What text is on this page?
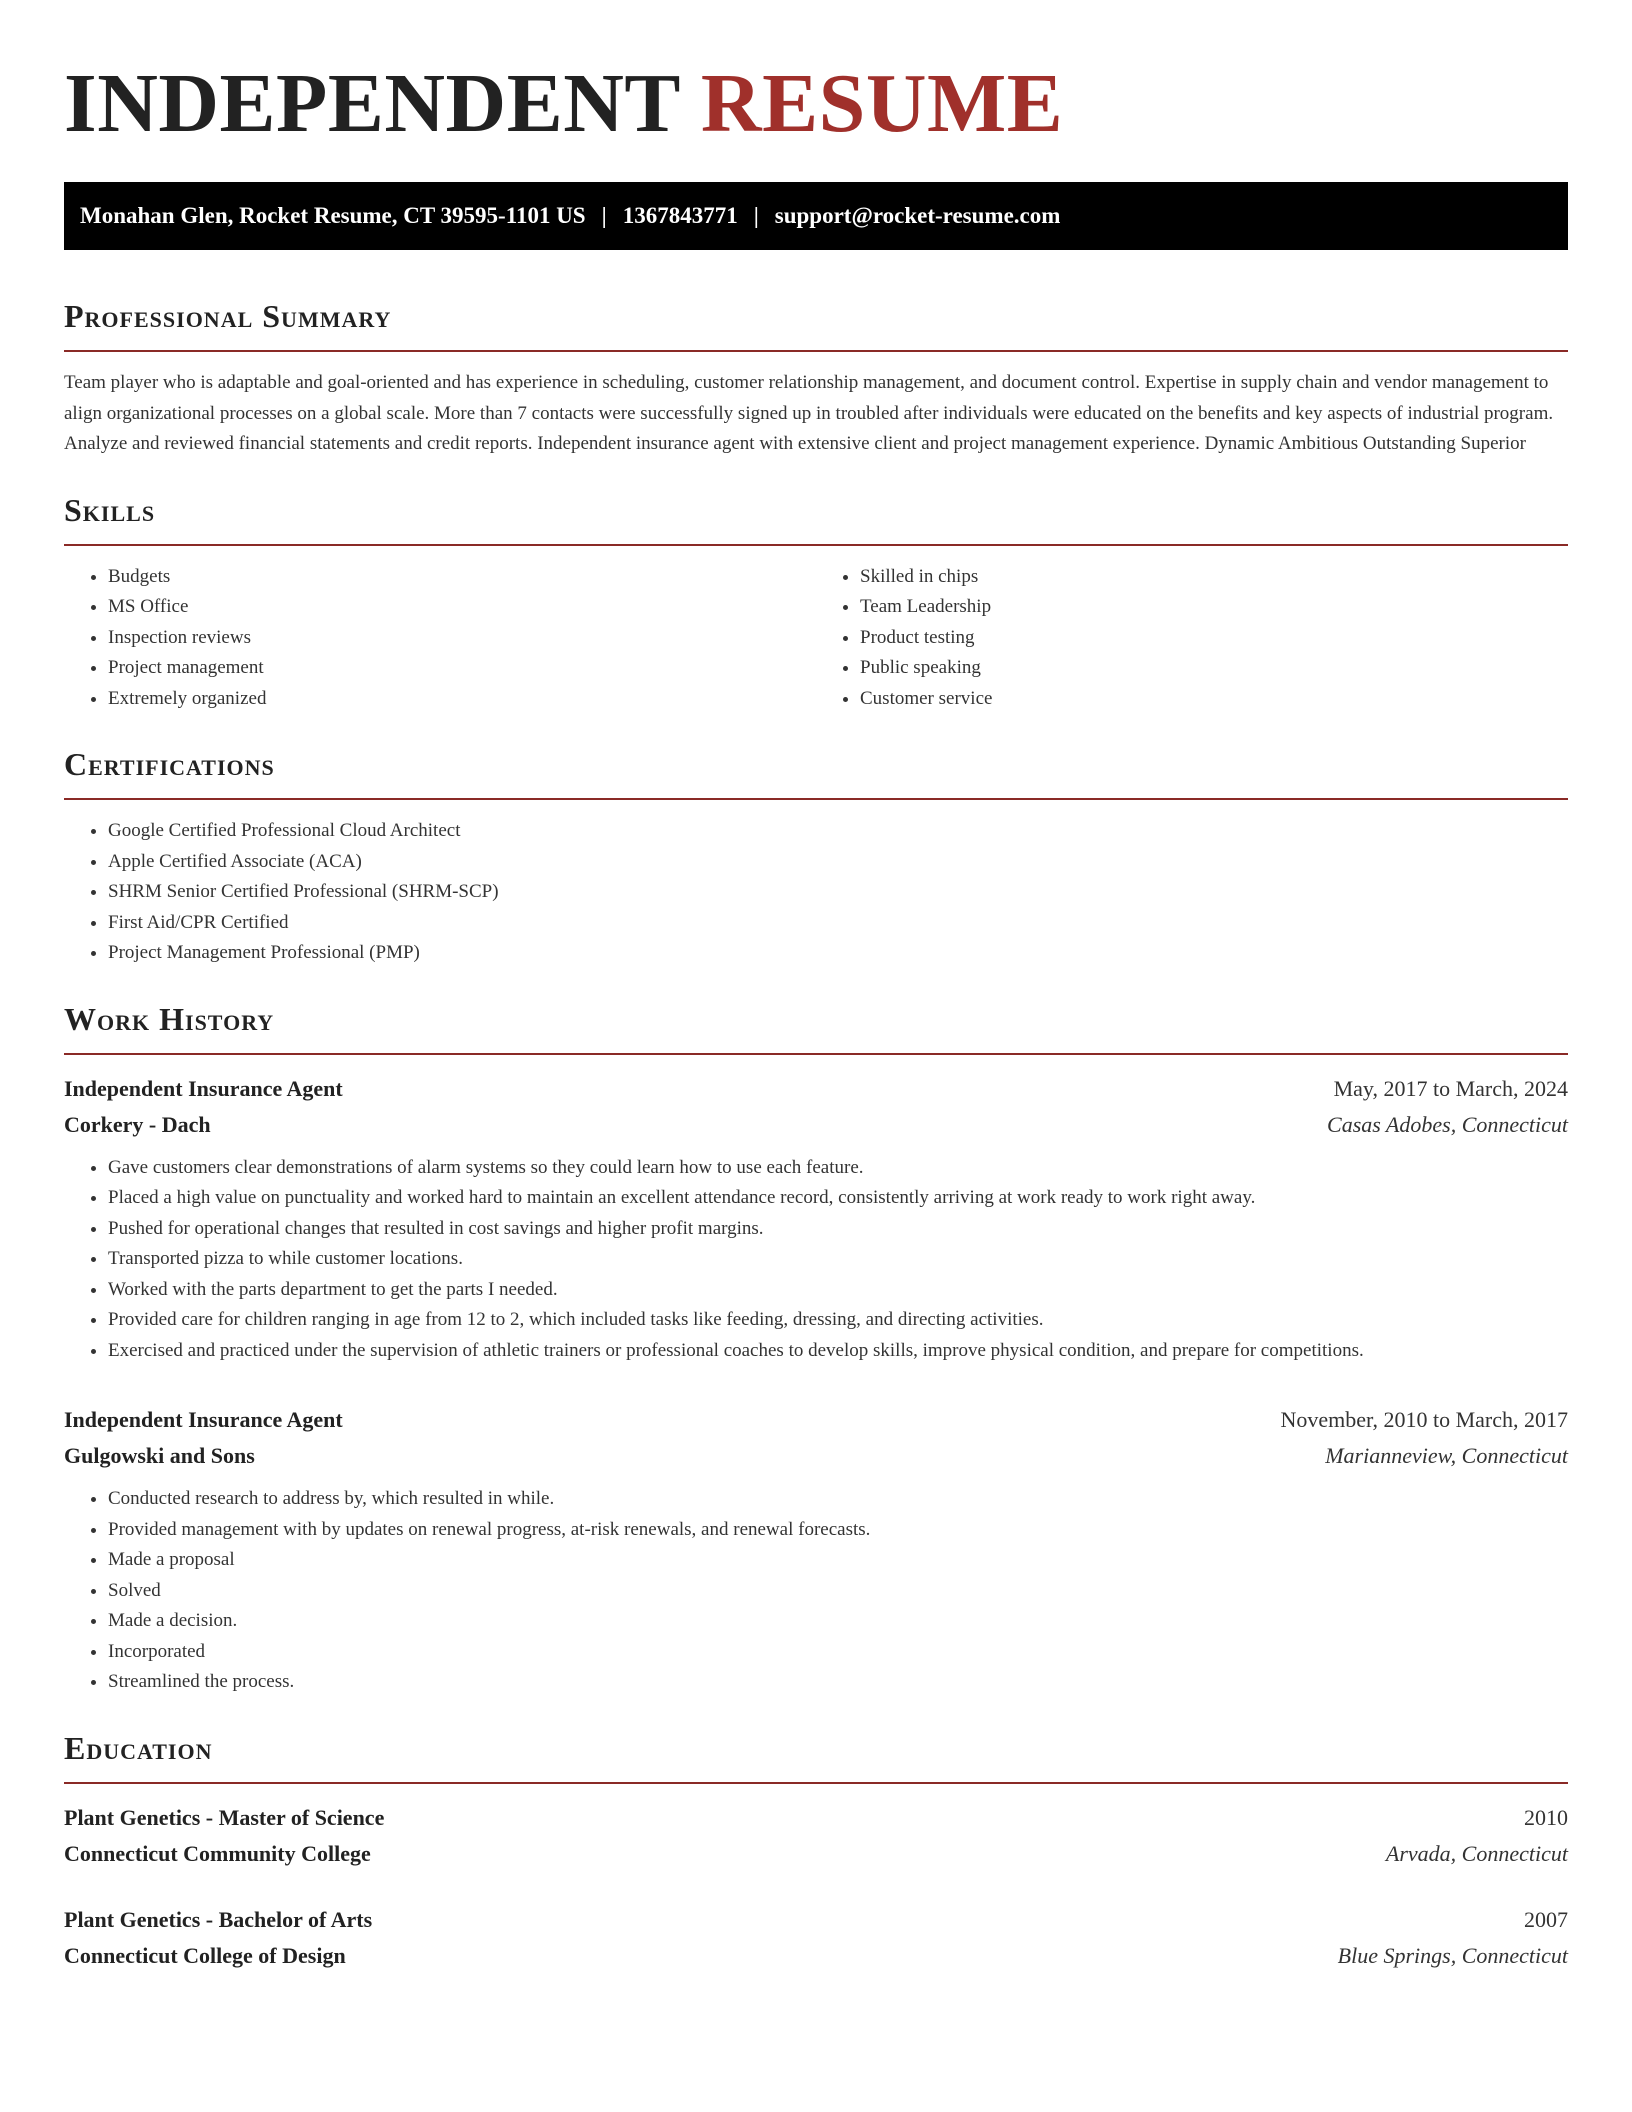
INDEPENDENT RESUME
Monahan Glen, Rocket Resume, CT 39595-1101 US | 1367843771 | support@rocket-resume.com
Professional Summary

Team player who is adaptable and goal-oriented and has experience in scheduling, customer relationship management, and document control. Expertise in supply chain and vendor management to align organizational processes on a global scale. More than 7 contacts were successfully signed up in troubled after individuals were educated on the benefits and key aspects of industrial program. Analyze and reviewed financial statements and credit reports. Independent insurance agent with extensive client and project management experience. Dynamic Ambitious Outstanding Superior

Skills
• Budgets
• MS Office
• Inspection reviews
• Project management
• Extremely organized
• Skilled in chips
• Team Leadership
• Product testing
• Public speaking
• Customer service
Certifications
• Google Certified Professional Cloud Architect
• Apple Certified Associate (ACA)
• SHRM Senior Certified Professional (SHRM-SCP)
• First Aid/CPR Certified
• Project Management Professional (PMP)
Work History
Independent Insurance Agent	May, 2017 to March, 2024
Corkery - Dach	Casas Adobes, Connecticut
• Gave customers clear demonstrations of alarm systems so they could learn how to use each feature.
• Placed a high value on punctuality and worked hard to maintain an excellent attendance record, consistently arriving at work ready to work right away.
• Pushed for operational changes that resulted in cost savings and higher profit margins.
• Transported pizza to while customer locations.
• Worked with the parts department to get the parts I needed.
• Provided care for children ranging in age from 12 to 2, which included tasks like feeding, dressing, and directing activities.
• Exercised and practiced under the supervision of athletic trainers or professional coaches to develop skills, improve physical condition, and prepare for competitions.
Independent Insurance Agent	November, 2010 to March, 2017
Gulgowski and Sons	Marianneview, Connecticut
• Conducted research to address by, which resulted in while.
• Provided management with by updates on renewal progress, at-risk renewals, and renewal forecasts.
• Made a proposal
• Solved
• Made a decision.
• Incorporated
• Streamlined the process.
Education
Plant Genetics - Master of Science	2010
Connecticut Community College	Arvada, Connecticut
Plant Genetics - Bachelor of Arts	2007
Connecticut College of Design	Blue Springs, Connecticut
